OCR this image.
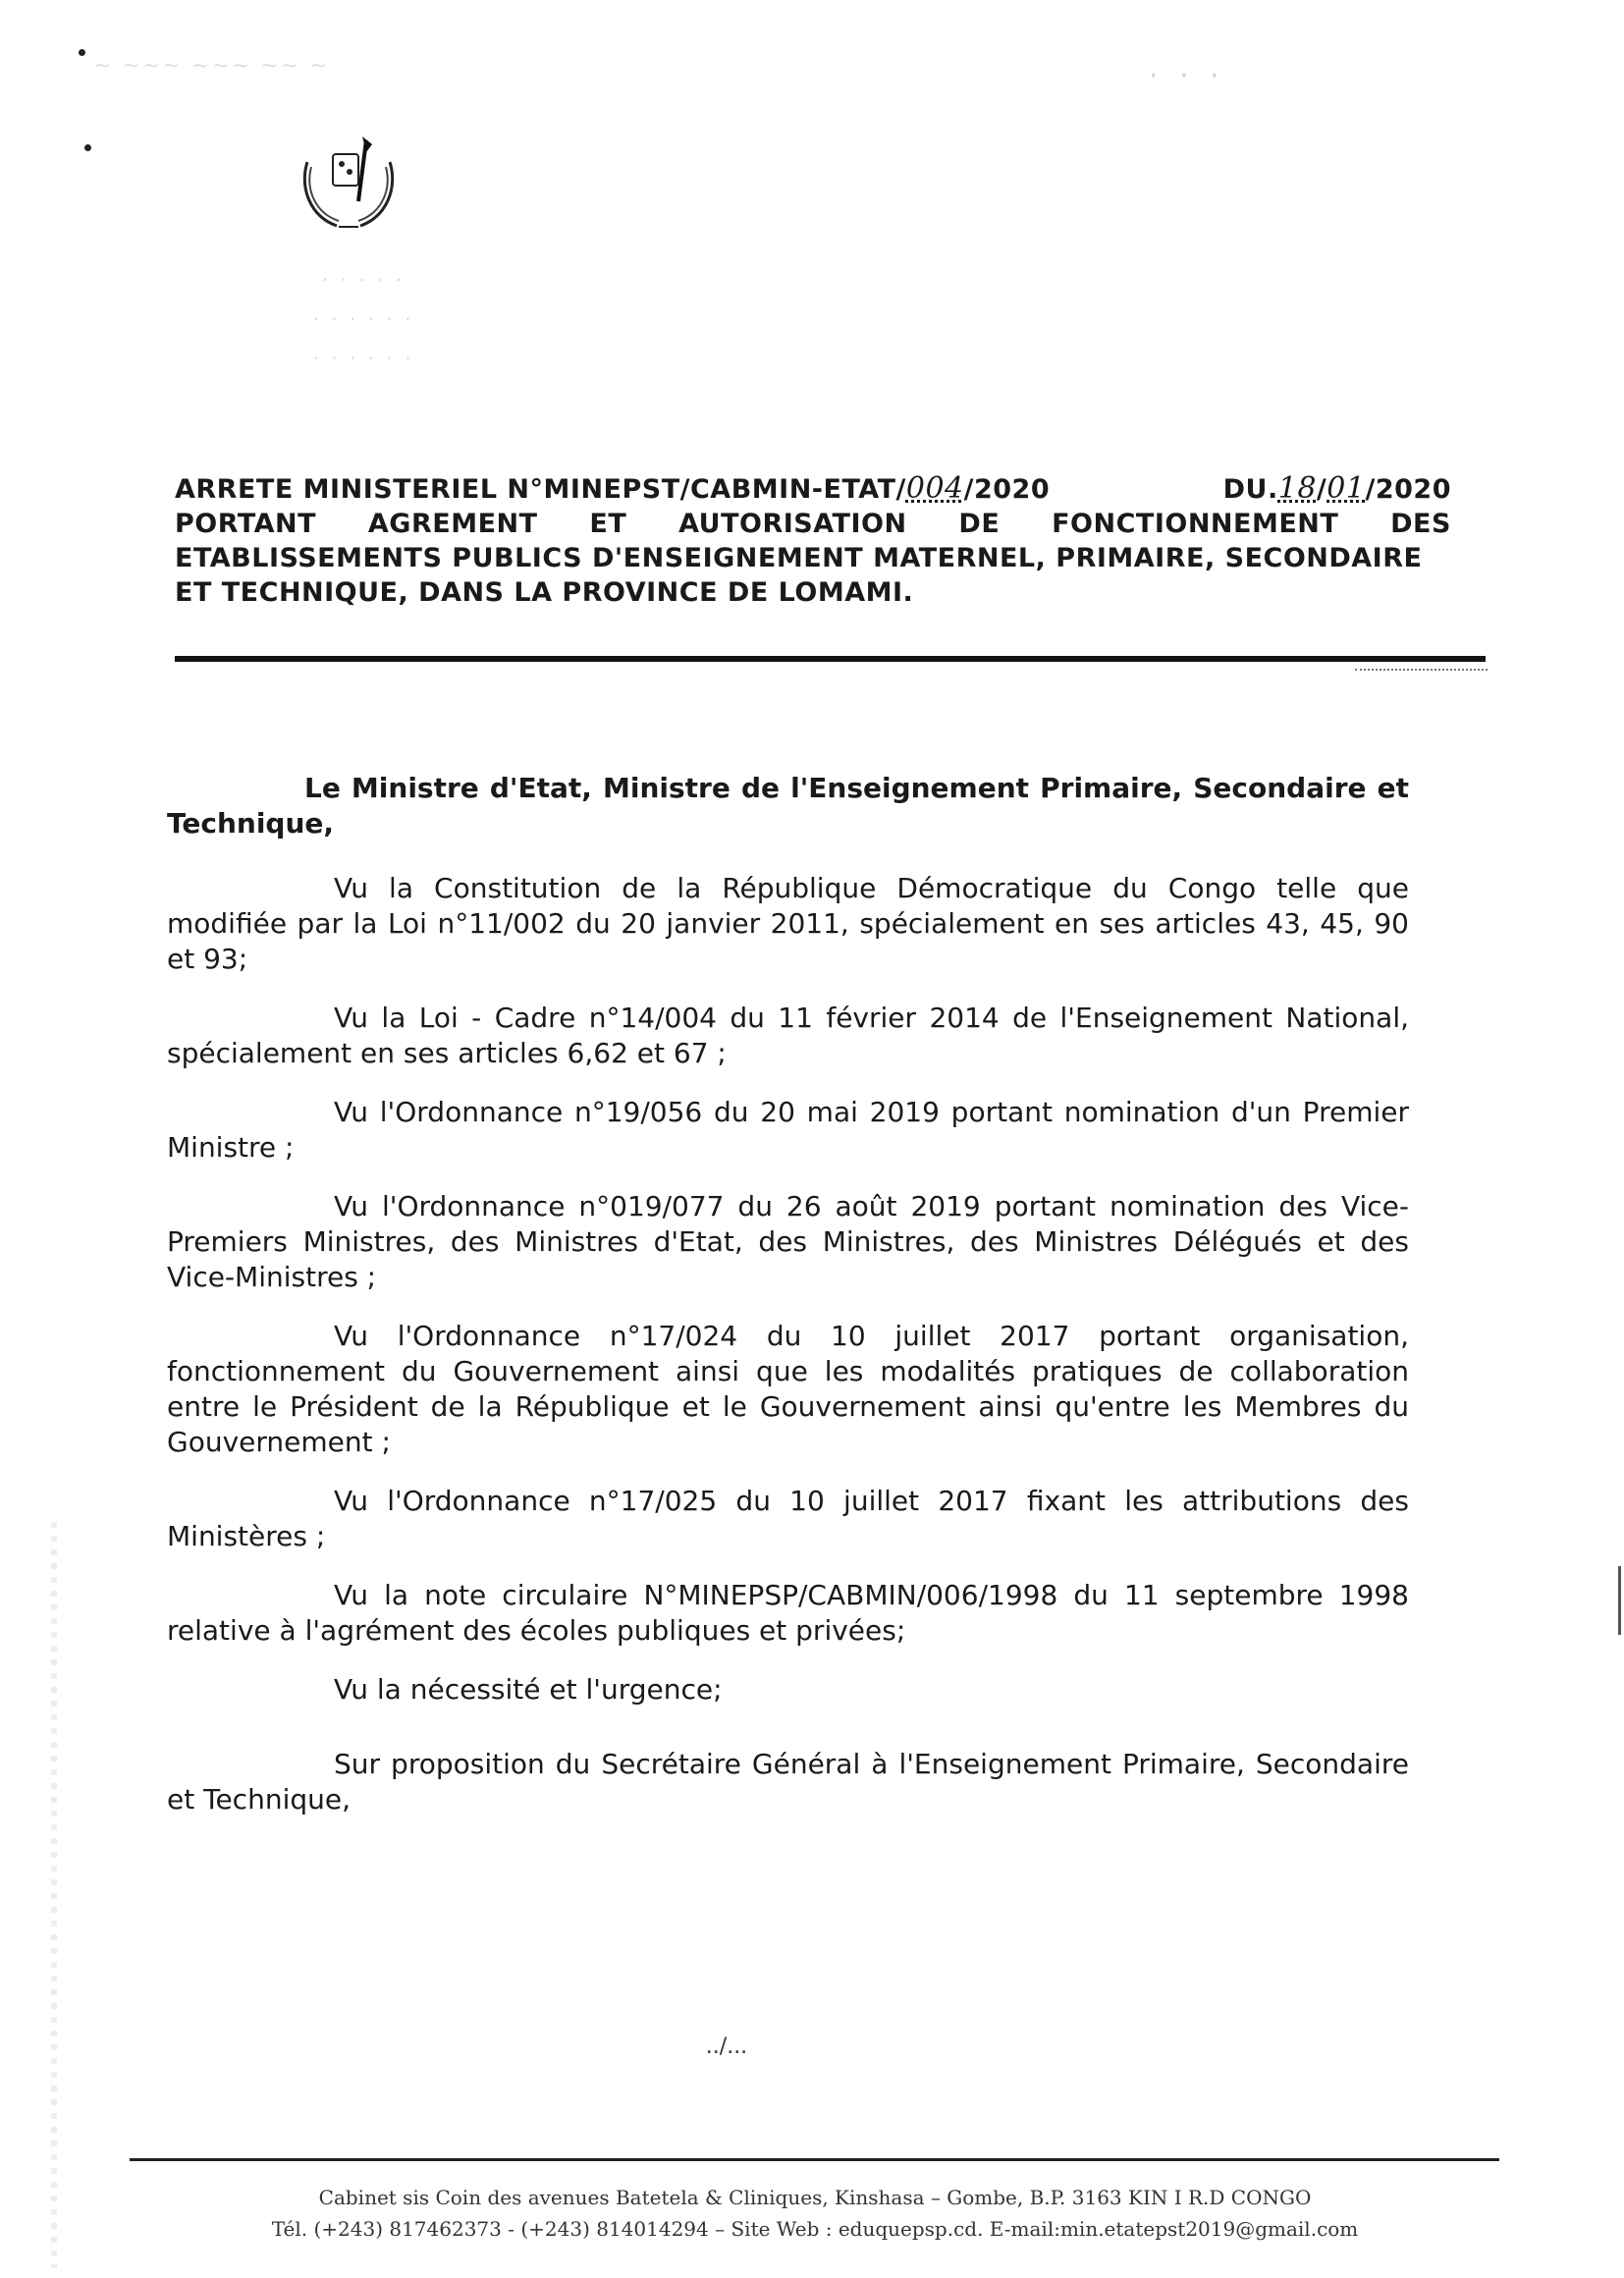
~ ~~~ ~~~ ~~ ~	· · ·
· · · · ·
· · · · · ·
· · · · · ·
ARRETE MINISTERIEL N°MINEPST/CABMIN-ETAT/004/2020	DU.18/01/2020
PORTANT AGREMENT ET AUTORISATION DE FONCTIONNEMENT DES
ETABLISSEMENTS PUBLICS D'ENSEIGNEMENT MATERNEL, PRIMAIRE, SECONDAIRE
ET TECHNIQUE, DANS LA PROVINCE DE LOMAMI.

Le Ministre d'Etat, Ministre de l'Enseignement Primaire, Secondaire et Technique,

Vu la Constitution de la République Démocratique du Congo telle que modifiée par la Loi n°11/002 du 20 janvier 2011, spécialement en ses articles 43, 45, 90 et 93;

Vu la Loi - Cadre n°14/004 du 11 février 2014 de l'Enseignement National, spécialement en ses articles 6,62 et 67 ;

Vu l'Ordonnance n°19/056 du 20 mai 2019 portant nomination d'un Premier Ministre ;

Vu l'Ordonnance n°019/077 du 26 août 2019 portant nomination des Vice-Premiers Ministres, des Ministres d'Etat, des Ministres, des Ministres Délégués et des Vice-Ministres ;

Vu l'Ordonnance n°17/024 du 10 juillet 2017 portant organisation, fonctionnement du Gouvernement ainsi que les modalités pratiques de collaboration entre le Président de la République et le Gouvernement ainsi qu'entre les Membres du Gouvernement ;

Vu l'Ordonnance n°17/025 du 10 juillet 2017 fixant les attributions des Ministères ;

Vu la note circulaire N°MINEPSP/CABMIN/006/1998 du 11 septembre 1998 relative à l'agrément des écoles publiques et privées;

Vu la nécessité et l'urgence;

Sur proposition du Secrétaire Général à l'Enseignement Primaire, Secondaire et Technique,

../...
Cabinet sis Coin des avenues Batetela & Cliniques, Kinshasa – Gombe, B.P. 3163 KIN I R.D CONGO
Tél. (+243) 817462373 - (+243) 814014294 – Site Web : eduquepsp.cd. E-mail:min.etatepst2019@gmail.com
